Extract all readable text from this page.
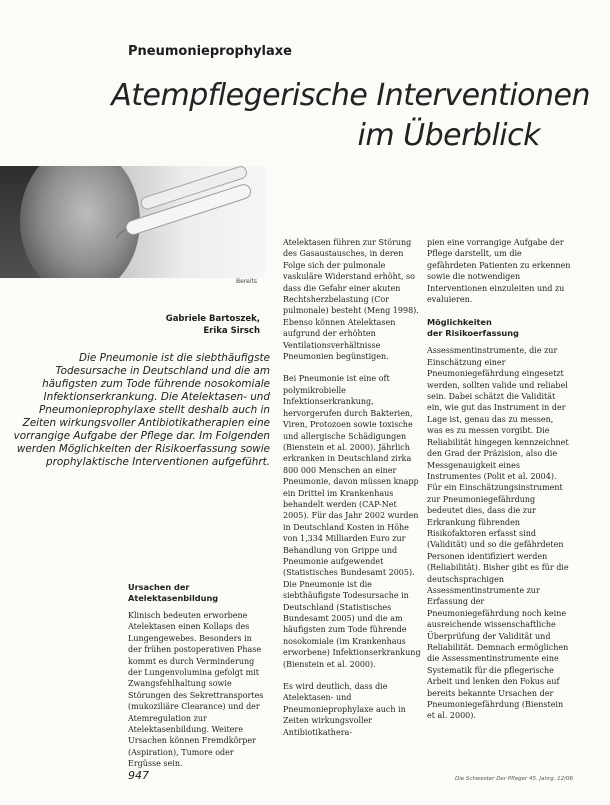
Pneumonieprophylaxe
Atempflegerische Interventionen
im Überblick
Bereits
Gabriele Bartoszek,
Erika Sirsch
Die Pneumonie ist die siebthäufigste Todesursache in Deutschland und die am häufigsten zum Tode führende nosokomiale Infektionserkrankung. Die Atelektasen- und Pneumonieprophylaxe stellt deshalb auch in Zeiten wirkungsvoller Antibiotikatherapien eine vorrangige Aufgabe der Pflege dar. Im Folgenden werden Möglichkeiten der Risikoerfassung sowie prophylaktische Interventionen aufgeführt.
Ursachen der
Atelektasenbildung

Klinisch bedeuten erworbene Atelektasen einen Kollaps des Lungengewebes. Besonders in der frühen postoperativen Phase kommt es durch Verminderung der Lungenvolumina gefolgt mit Zwangsfehlhaltung sowie Störungen des Sekrettransportes (mukoziliäre Clearance) und der Atemregulation zur Atelektasenbildung. Weitere Ursachen können Fremdkörper (Aspiration), Tumore oder Ergüsse sein.

Atelektasen führen zur Störung des Gasaustausches, in deren Folge sich der pulmonale vaskuläre Widerstand erhöht, so dass die Gefahr einer akuten Rechtsherzbelastung (Cor pulmonale) besteht (Meng 1998). Ebenso können Atelektasen aufgrund der erhöhten Ventilationsverhältnisse Pneumonien begünstigen.

Bei Pneumonie ist eine oft polymikrobielle Infektionserkrankung, hervorgerufen durch Bakterien, Viren, Protozoen sowie toxische und allergische Schädigungen (Bienstein et al. 2000). Jährlich erkranken in Deutschland zirka 800 000 Menschen an einer Pneumonie, davon müssen knapp ein Drittel im Krankenhaus behandelt werden (CAP-Net 2005). Für das Jahr 2002 wurden in Deutschland Kosten in Höhe von 1,334 Milliarden Euro zur Behandlung von Grippe und Pneumonie aufgewendet (Statistisches Bundesamt 2005). Die Pneumonie ist die siebthäufigste Todesursache in Deutschland (Statistisches Bundesamt 2005) und die am häufigsten zum Tode führende nosokomiale (im Krankenhaus erworbene) Infektionserkrankung (Bienstein et al. 2000).

Es wird deutlich, dass die Atelektasen- und Pneumonieprophylaxe auch in Zeiten wirkungsvoller Antibiotikathera-

pien eine vorrangige Aufgabe der Pflege darstellt, um die gefährdeten Patienten zu erkennen sowie die notwendigen Interventionen einzuleiten und zu evaluieren.

Möglichkeiten
der Risikoerfassung

Assessmentinstrumente, die zur Einschätzung einer Pneumoniegefährdung eingesetzt werden, sollten valide und reliabel sein. Dabei schätzt die Validität ein, wie gut das Instrument in der Lage ist, genau das zu messen, was es zu messen vorgibt. Die Reliabilität hingegen kennzeichnet den Grad der Präzision, also die Messgenauigkeit eines Instrumentes (Polit et al. 2004). Für ein Einschätzungsinstrument zur Pneumoniegefährdung bedeutet dies, dass die zur Erkrankung führenden Risikofaktoren erfasst sind (Validität) und so die gefährdeten Personen identifiziert werden (Reliabilität). Bisher gibt es für die deutschsprachigen Assessmentinstrumente zur Erfassung der Pneumoniegefährdung noch keine ausreichende wissenschaftliche Überprüfung der Validität und Reliabilität. Demnach ermöglichen die Assessmentinstrumente eine Systematik für die pflegerische Arbeit und lenken den Fokus auf bereits bekannte Ursachen der Pneumoniegefährdung (Bienstein et al. 2000).

947	Die Schwester Der Pfleger 45. Jahrg. 12/06
